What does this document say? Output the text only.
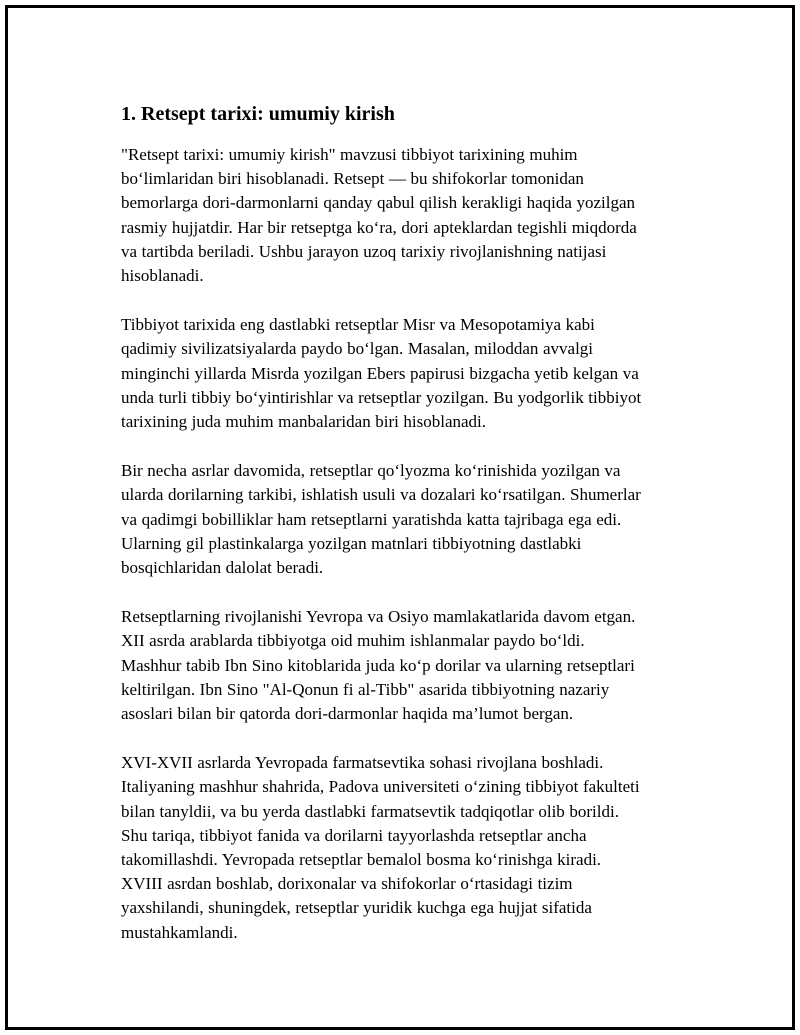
1. Retsept tarixi: umumiy kirish

"Retsept tarixi: umumiy kirish" mavzusi tibbiyot tarixining muhim
bo‘limlaridan biri hisoblanadi. Retsept — bu shifokorlar tomonidan
bemorlarga dori-darmonlarni qanday qabul qilish kerakligi haqida yozilgan
rasmiy hujjatdir. Har bir retseptga ko‘ra, dori apteklardan tegishli miqdorda
va tartibda beriladi. Ushbu jarayon uzoq tarixiy rivojlanishning natijasi
hisoblanadi.

Tibbiyot tarixida eng dastlabki retseptlar Misr va Mesopotamiya kabi
qadimiy sivilizatsiyalarda paydo bo‘lgan. Masalan, miloddan avvalgi
minginchi yillarda Misrda yozilgan Ebers papirusi bizgacha yetib kelgan va
unda turli tibbiy bo‘yintirishlar va retseptlar yozilgan. Bu yodgorlik tibbiyot
tarixining juda muhim manbalaridan biri hisoblanadi.

Bir necha asrlar davomida, retseptlar qo‘lyozma ko‘rinishida yozilgan va
ularda dorilarning tarkibi, ishlatish usuli va dozalari ko‘rsatilgan. Shumerlar
va qadimgi bobilliklar ham retseptlarni yaratishda katta tajribaga ega edi.
Ularning gil plastinkalarga yozilgan matnlari tibbiyotning dastlabki
bosqichlaridan dalolat beradi.

Retseptlarning rivojlanishi Yevropa va Osiyo mamlakatlarida davom etgan.
XII asrda arablarda tibbiyotga oid muhim ishlanmalar paydo bo‘ldi.
Mashhur tabib Ibn Sino kitoblarida juda ko‘p dorilar va ularning retseptlari
keltirilgan. Ibn Sino "Al-Qonun fi al-Tibb" asarida tibbiyotning nazariy
asoslari bilan bir qatorda dori-darmonlar haqida ma’lumot bergan.

XVI-XVII asrlarda Yevropada farmatsevtika sohasi rivojlana boshladi.
Italiyaning mashhur shahrida, Padova universiteti o‘zining tibbiyot fakulteti
bilan tanyldii, va bu yerda dastlabki farmatsevtik tadqiqotlar olib borildi.
Shu tariqa, tibbiyot fanida va dorilarni tayyorlashda retseptlar ancha
takomillashdi. Yevropada retseptlar bemalol bosma ko‘rinishga kiradi.
XVIII asrdan boshlab, dorixonalar va shifokorlar o‘rtasidagi tizim
yaxshilandi, shuningdek, retseptlar yuridik kuchga ega hujjat sifatida
mustahkamlandi.
